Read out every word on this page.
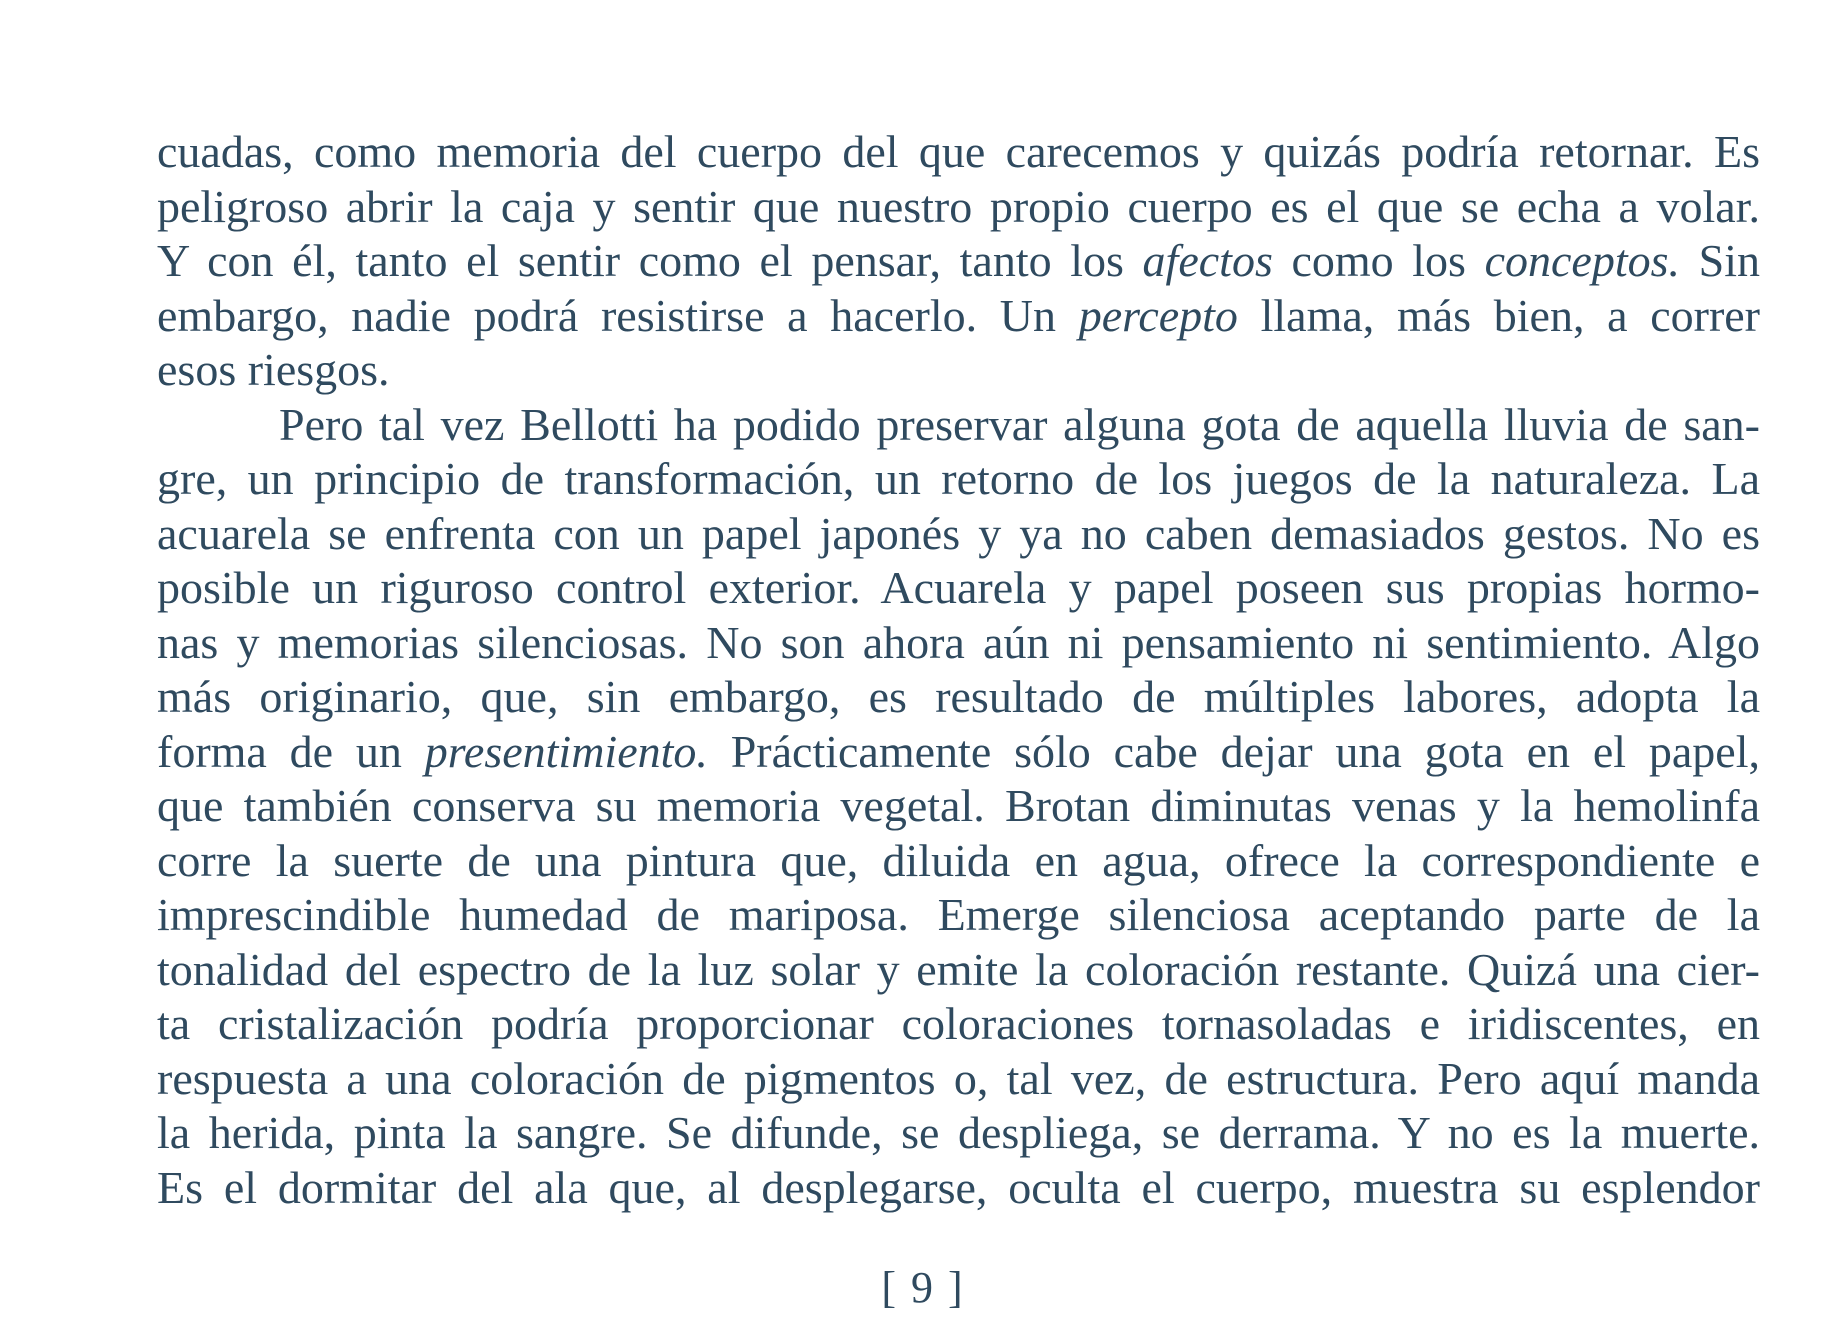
cuadas, como memoria del cuerpo del que carecemos y quizás podría retornar. Es
peligroso abrir la caja y sentir que nuestro propio cuerpo es el que se echa a volar.
Y con él, tanto el sentir como el pensar, tanto los afectos como los conceptos. Sin
embargo, nadie podrá resistirse a hacerlo. Un percepto llama, más bien, a correr
esos riesgos.
Pero tal vez Bellotti ha podido preservar alguna gota de aquella lluvia de san-
gre, un principio de transformación, un retorno de los juegos de la naturaleza. La
acuarela se enfrenta con un papel japonés y ya no caben demasiados gestos. No es
posible un riguroso control exterior. Acuarela y papel poseen sus propias hormo-
nas y memorias silenciosas. No son ahora aún ni pensamiento ni sentimiento. Algo
más originario, que, sin embargo, es resultado de múltiples labores, adopta la
forma de un presentimiento. Prácticamente sólo cabe dejar una gota en el papel,
que también conserva su memoria vegetal. Brotan diminutas venas y la hemolinfa
corre la suerte de una pintura que, diluida en agua, ofrece la correspondiente e
imprescindible humedad de mariposa. Emerge silenciosa aceptando parte de la
tonalidad del espectro de la luz solar y emite la coloración restante. Quizá una cier-
ta cristalización podría proporcionar coloraciones tornasoladas e iridiscentes, en
respuesta a una coloración de pigmentos o, tal vez, de estructura. Pero aquí manda
la herida, pinta la sangre. Se difunde, se despliega, se derrama. Y no es la muerte.
Es el dormitar del ala que, al desplegarse, oculta el cuerpo, muestra su esplendor
[ 9 ]
